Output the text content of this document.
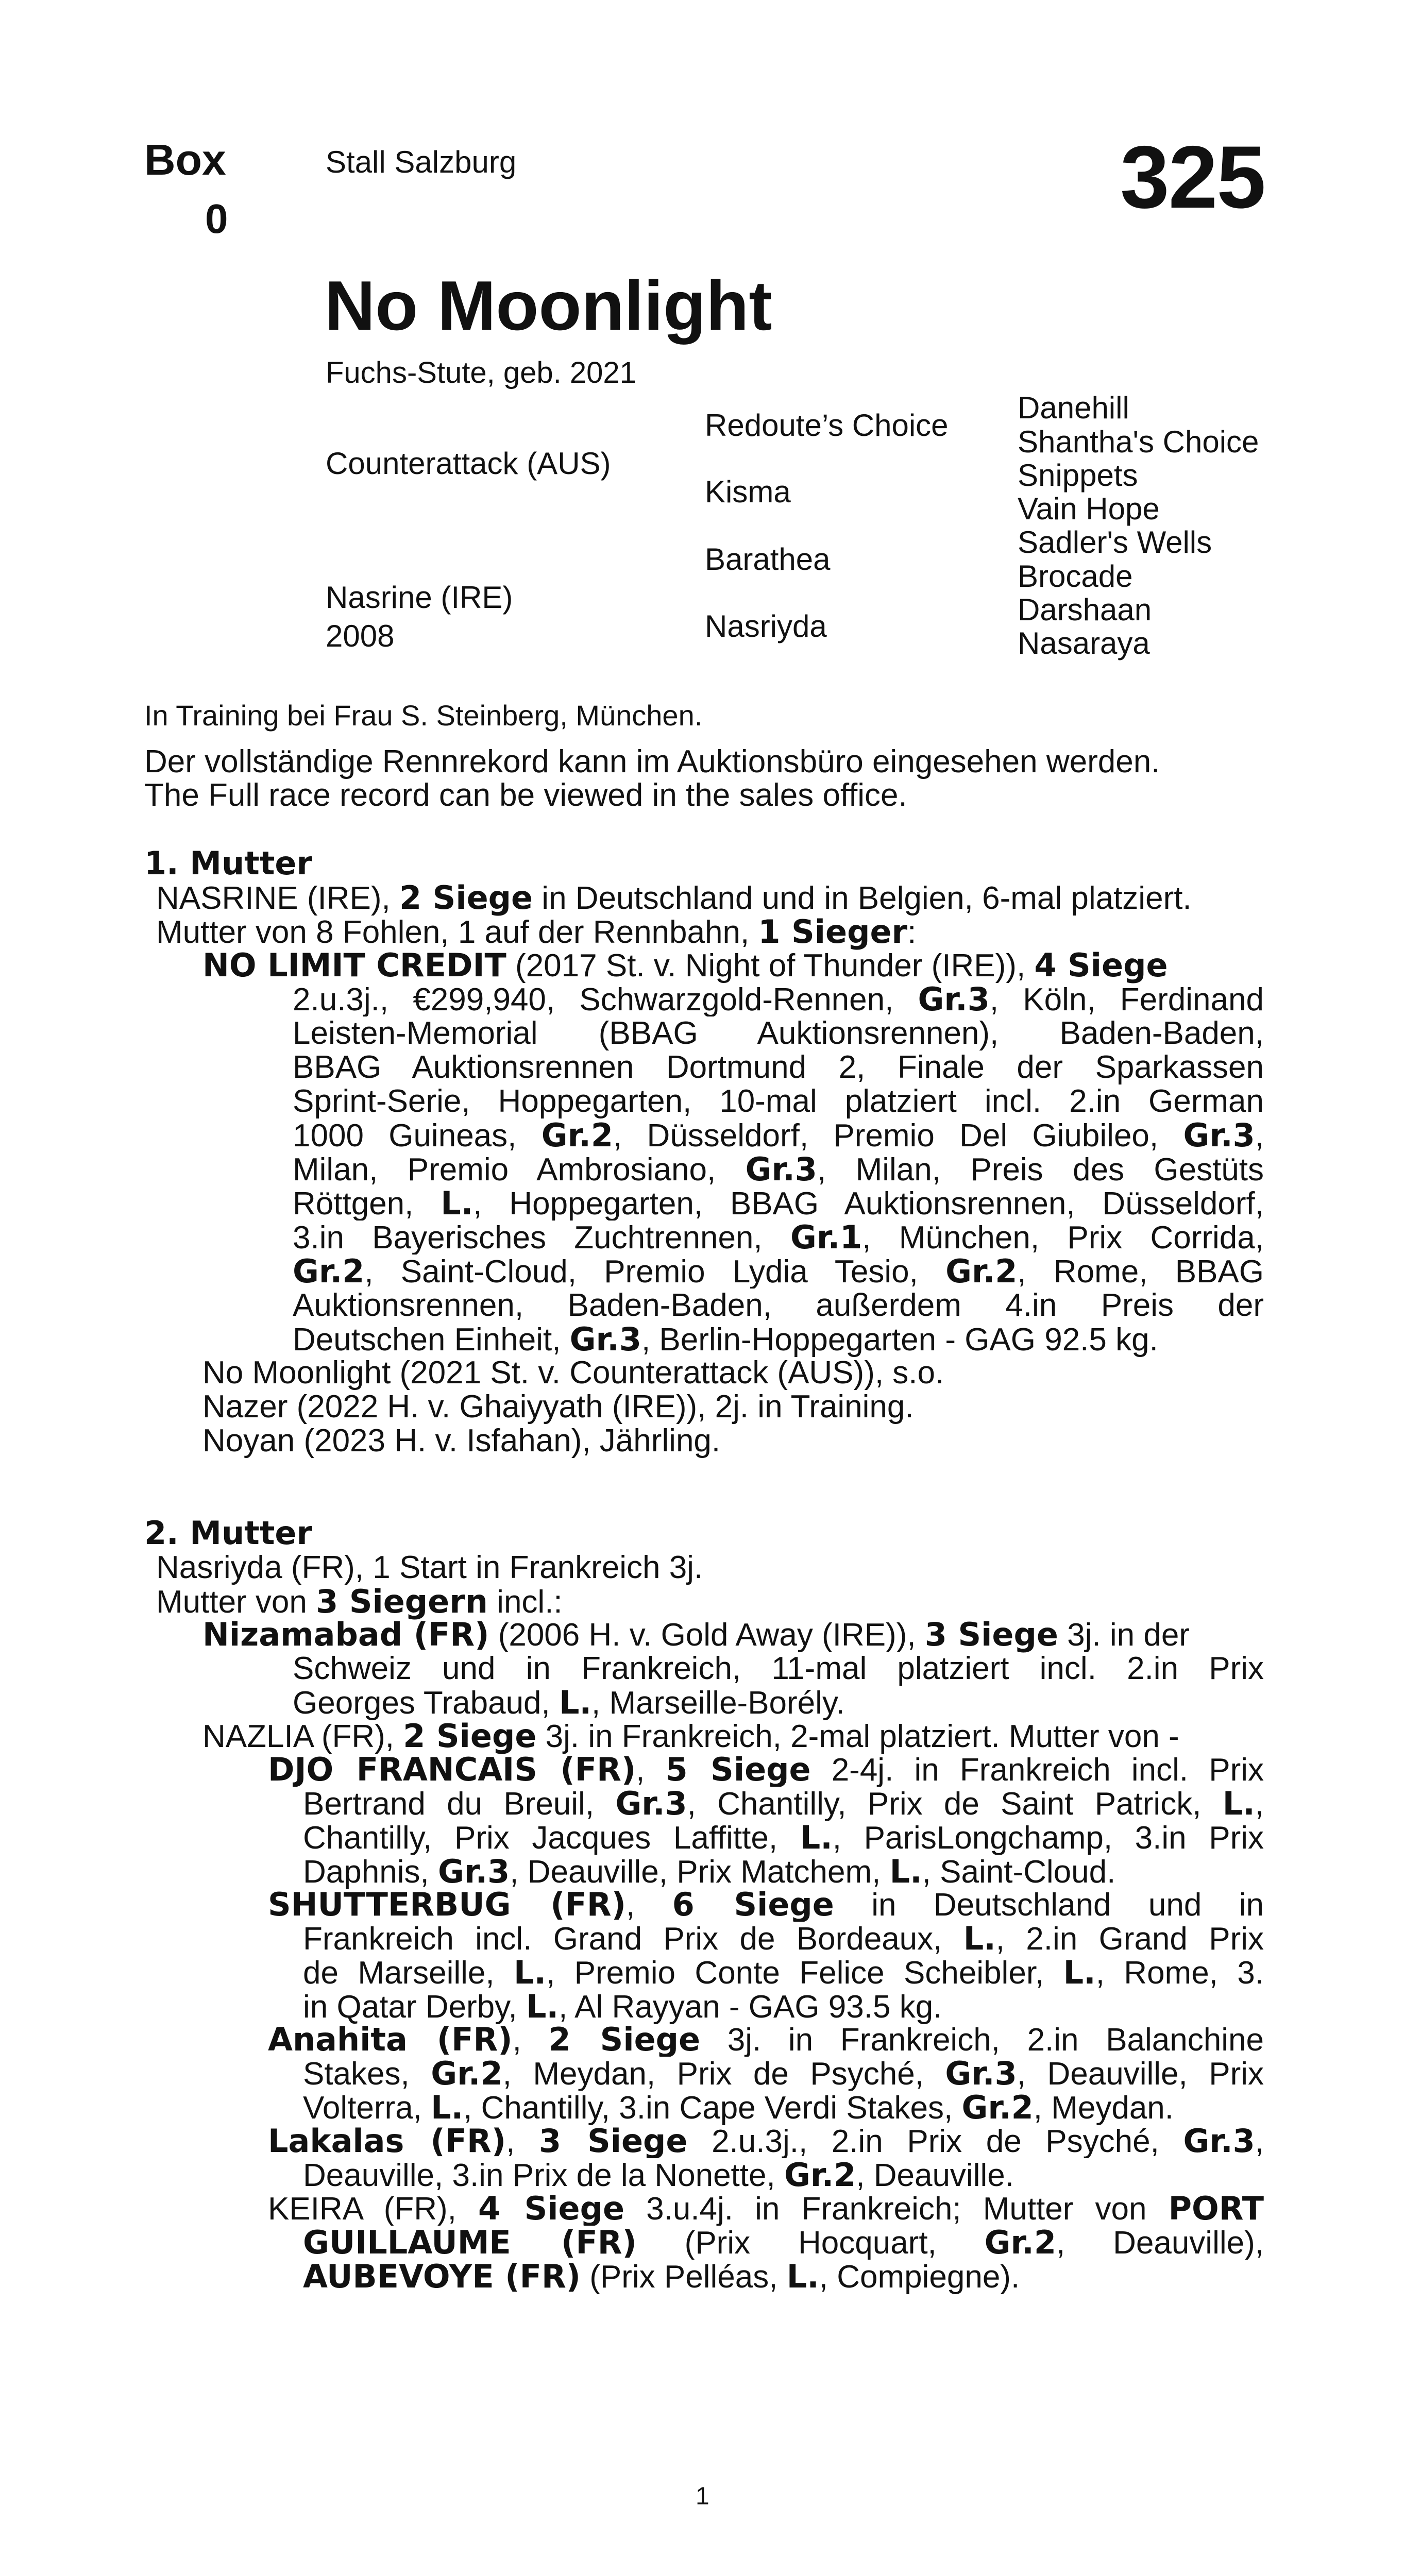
Box
0
Stall Salzburg	325
No Moonlight
Fuchs-Stute, geb. 2021
Counterattack (AUS)
Nasrine (IRE)
2008
Redoute’s Choice
Kisma
Barathea
Nasriyda
Danehill
Shantha's Choice
Snippets
Vain Hope
Sadler's Wells
Brocade
Darshaan
Nasaraya
In Training bei Frau S. Steinberg, München.
Der vollständige Rennrekord kann im Auktionsbüro eingesehen werden.
The Full race record can be viewed in the sales office.
1. Mutter
NASRINE (IRE), 2 Siege in Deutschland und in Belgien, 6-mal platziert.
Mutter von 8 Fohlen, 1 auf der Rennbahn, 1 Sieger:
NO LIMIT CREDIT (2017 St. v. Night of Thunder (IRE)), 4 Siege
2.u.3j., €299,940, Schwarzgold-Rennen, Gr.3, Köln, Ferdinand
Leisten-Memorial (BBAG Auktionsrennen), Baden-Baden,
BBAG Auktionsrennen Dortmund 2, Finale der Sparkassen
Sprint-Serie, Hoppegarten, 10-mal platziert incl. 2.in German
1000 Guineas, Gr.2, Düsseldorf, Premio Del Giubileo, Gr.3,
Milan, Premio Ambrosiano, Gr.3, Milan, Preis des Gestüts
Röttgen, L., Hoppegarten, BBAG Auktionsrennen, Düsseldorf,
3.in Bayerisches Zuchtrennen, Gr.1, München, Prix Corrida,
Gr.2, Saint-Cloud, Premio Lydia Tesio, Gr.2, Rome, BBAG
Auktionsrennen, Baden-Baden, außerdem 4.in Preis der
Deutschen Einheit, Gr.3, Berlin-Hoppegarten - GAG 92.5 kg.
No Moonlight (2021 St. v. Counterattack (AUS)), s.o.
Nazer (2022 H. v. Ghaiyyath (IRE)), 2j. in Training.
Noyan (2023 H. v. Isfahan), Jährling.
2. Mutter
Nasriyda (FR), 1 Start in Frankreich 3j.
Mutter von 3 Siegern incl.:
Nizamabad (FR) (2006 H. v. Gold Away (IRE)), 3 Siege 3j. in der
Schweiz und in Frankreich, 11-mal platziert incl. 2.in Prix
Georges Trabaud, L., Marseille-Borély.
NAZLIA (FR), 2 Siege 3j. in Frankreich, 2-mal platziert. Mutter von -
DJO FRANCAIS (FR), 5 Siege 2-4j. in Frankreich incl. Prix
Bertrand du Breuil, Gr.3, Chantilly, Prix de Saint Patrick, L.,
Chantilly, Prix Jacques Laffitte, L., ParisLongchamp, 3.in Prix
Daphnis, Gr.3, Deauville, Prix Matchem, L., Saint-Cloud.
SHUTTERBUG (FR), 6 Siege in Deutschland und in
Frankreich incl. Grand Prix de Bordeaux, L., 2.in Grand Prix
de Marseille, L., Premio Conte Felice Scheibler, L., Rome, 3.
in Qatar Derby, L., Al Rayyan - GAG 93.5 kg.
Anahita (FR), 2 Siege 3j. in Frankreich, 2.in Balanchine
Stakes, Gr.2, Meydan, Prix de Psyché, Gr.3, Deauville, Prix
Volterra, L., Chantilly, 3.in Cape Verdi Stakes, Gr.2, Meydan.
Lakalas (FR), 3 Siege 2.u.3j., 2.in Prix de Psyché, Gr.3,
Deauville, 3.in Prix de la Nonette, Gr.2, Deauville.
KEIRA (FR), 4 Siege 3.u.4j. in Frankreich; Mutter von PORT
GUILLAUME (FR) (Prix Hocquart, Gr.2, Deauville),
AUBEVOYE (FR) (Prix Pelléas, L., Compiegne).
1
